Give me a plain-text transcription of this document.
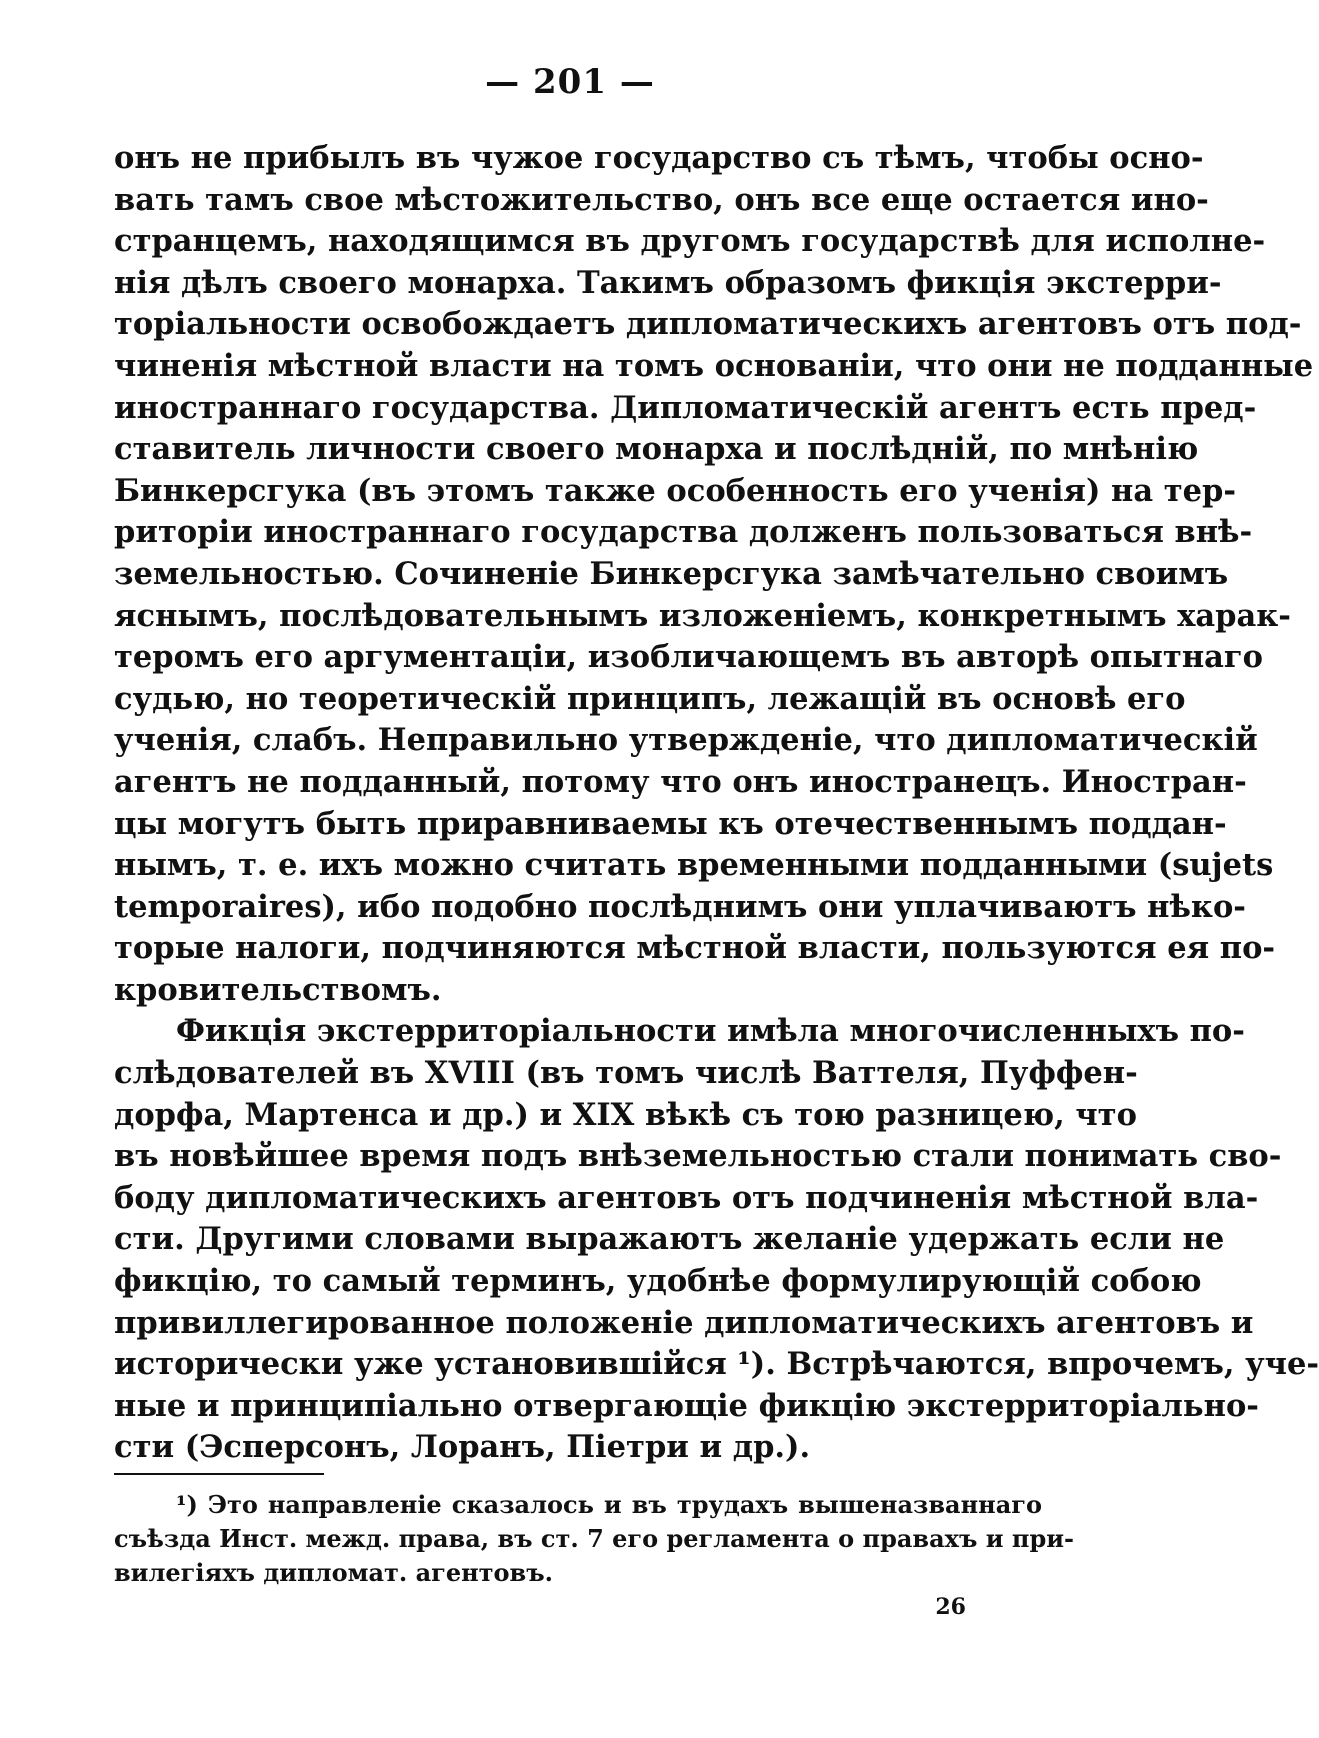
— 201 —
онъ не прибылъ въ чужое государство съ тѣмъ, чтобы осно-
вать тамъ свое мѣстожительство, онъ все еще остается ино-
странцемъ, находящимся въ другомъ государствѣ для исполне-
нія дѣлъ своего монарха. Такимъ образомъ фикція экстерри-
торіальности освобождаетъ дипломатическихъ агентовъ отъ под-
чиненія мѣстной власти на томъ основаніи, что они не подданные
иностраннаго государства. Дипломатическій агентъ есть пред-
ставитель личности своего монарха и послѣдній, по мнѣнію
Бинкерсгука (въ этомъ также особенность его ученія) на тер-
риторіи иностраннаго государства долженъ пользоваться внѣ-
земельностью. Сочиненіе Бинкерсгука замѣчательно своимъ
яснымъ, послѣдовательнымъ изложеніемъ, конкретнымъ харак-
теромъ его аргументаціи, изобличающемъ въ авторѣ опытнаго
судью, но теоретическій принципъ, лежащій въ основѣ его
ученія, слабъ. Неправильно утвержденіе, что дипломатическій
агентъ не подданный, потому что онъ иностранецъ. Иностран-
цы могутъ быть приравниваемы къ отечественнымъ поддан-
нымъ, т. е. ихъ можно считать временными подданными (sujets
temporaires), ибо подобно послѣднимъ они уплачиваютъ нѣко-
торые налоги, подчиняются мѣстной власти, пользуются ея по-
кровительствомъ.
Фикція экстерриторіальности имѣла многочисленныхъ по-
слѣдователей въ XVIII (въ томъ числѣ Ваттеля, Пуффен-
дорфа, Мартенса и др.) и XIX вѣкѣ съ тою разницею, что
въ новѣйшее время подъ внѣземельностью стали понимать сво-
боду дипломатическихъ агентовъ отъ подчиненія мѣстной вла-
сти. Другими словами выражаютъ желаніе удержать если не
фикцію, то самый терминъ, удобнѣе формулирующій собою
привиллегированное положеніе дипломатическихъ агентовъ и
исторически уже установившійся ¹). Встрѣчаются, впрочемъ, уче-
ные и принципіально отвергающіе фикцію экстерриторіально-
сти (Эсперсонъ, Лоранъ, Піетри и др.).
¹) Это направленіе сказалось и въ трудахъ вышеназваннаго
съѣзда Инст. межд. права, въ ст. 7 его регламента о правахъ и при-
вилегіяхъ дипломат. агентовъ.
26
